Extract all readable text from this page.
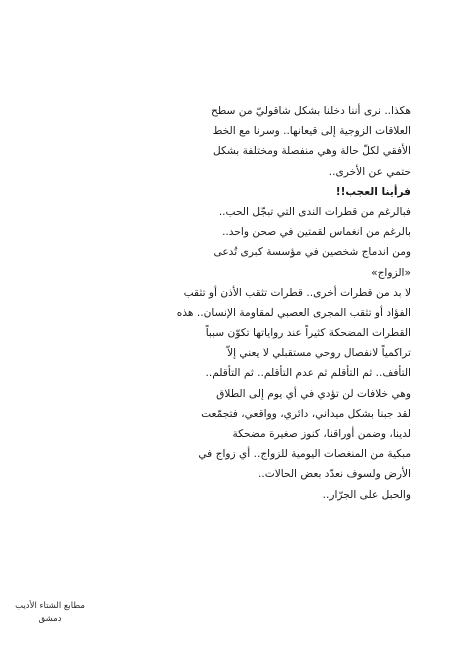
هكذا.. نرى أننا دخلنا بشكل شاقوليّ من سطح
العلاقات الزوجية إلى قيعانها.. وسرنا مع الخط
الأفقي لكلّ حالة وهي منفصلة ومختلفة بشكل
حتمي عن الأخرى..
فرأينا العجب!!
فبالرغم من قطرات الندى التي تبجّل الحب..
بالرغم من انغماس لقمتين في صحن واحد..
ومن اندماج شخصين في مؤسسة كبرى تُدعى
«الزواج»
لا بد من قطرات أخرى.. قطرات تثقب الأذن أو تثقب
الفؤاد أو تثقب المجرى العصبي لمقاومة الإنسان.. هذه
القطرات المضحكة كثيراً عند رواياتها تكوّن سبباً
تراكمياً لانفصال روحي مستقبلي لا يعني إلاّ
التأفف.. ثم التأقلم ثم عدم التأقلم.. ثم التأقلم..
وهي خلافات لن تؤدي في أي يوم إلى الطلاق
لقد جبنا بشكل ميداني، دائري، وواقعي، فتجمّعت
لدينا، وضمن أوراقنا، كنوز صغيرة مضحكة
مبكية من المنغصات اليومية للزواج.. أي زواج في
الأرض ولسوف نعدّد بعض الحالات..
والحبل على الجرّار..
مطابع الشتاء الأديب
دمشق
